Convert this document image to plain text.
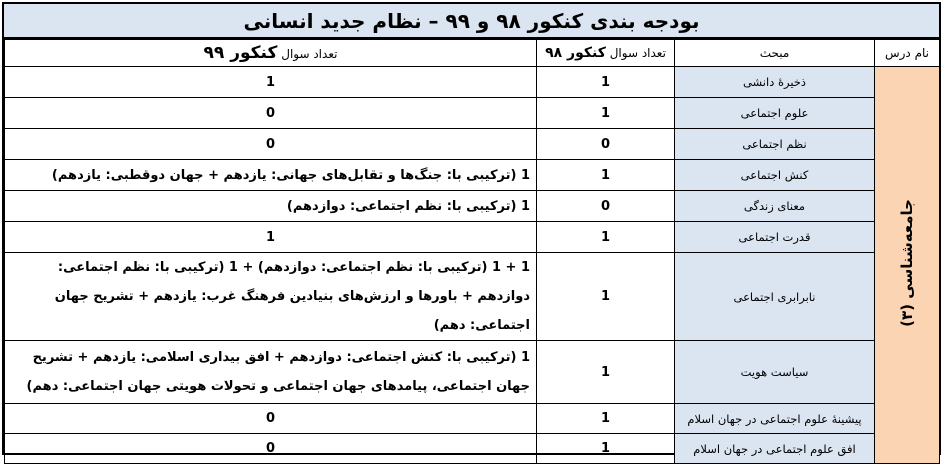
بودجه بندی کنکور ۹۸ و ۹۹ – نظام جدید انسانی
نام درس	مبحث	تعداد سوال کنکور ۹۸	تعداد سوال کنکور ۹۹
جامعه‌شناسی (۳)	ذخیرهٔ دانشی	1	1
	علوم اجتماعی	1	0
	نظم اجتماعی	0	0
	کنش اجتماعی	1	1 (ترکیبی با: جنگ‌ها و تقابل‌های جهانی: یازدهم + جهان دوقطبی: یازدهم)
	معنای زندگی	0	1 (ترکیبی با: نظم اجتماعی: دوازدهم)
	قدرت اجتماعی	1	1
	نابرابری اجتماعی	1	1 + 1 (ترکیبی با: نظم اجتماعی: دوازدهم) + 1 (ترکیبی با: نظم اجتماعی: دوازدهم + باورها و ارزش‌های بنیادین فرهنگ غرب: یازدهم + تشریح جهان اجتماعی: دهم)
	سیاست هویت	1	1 (ترکیبی با: کنش اجتماعی: دوازدهم + افق بیداری اسلامی: یازدهم + تشریح جهان اجتماعی، پیامدهای جهان اجتماعی و تحولات هویتی جهان اجتماعی: دهم)
	پیشینهٔ علوم اجتماعی در جهان اسلام	1	0
	افق علوم اجتماعی در جهان اسلام	1	0
